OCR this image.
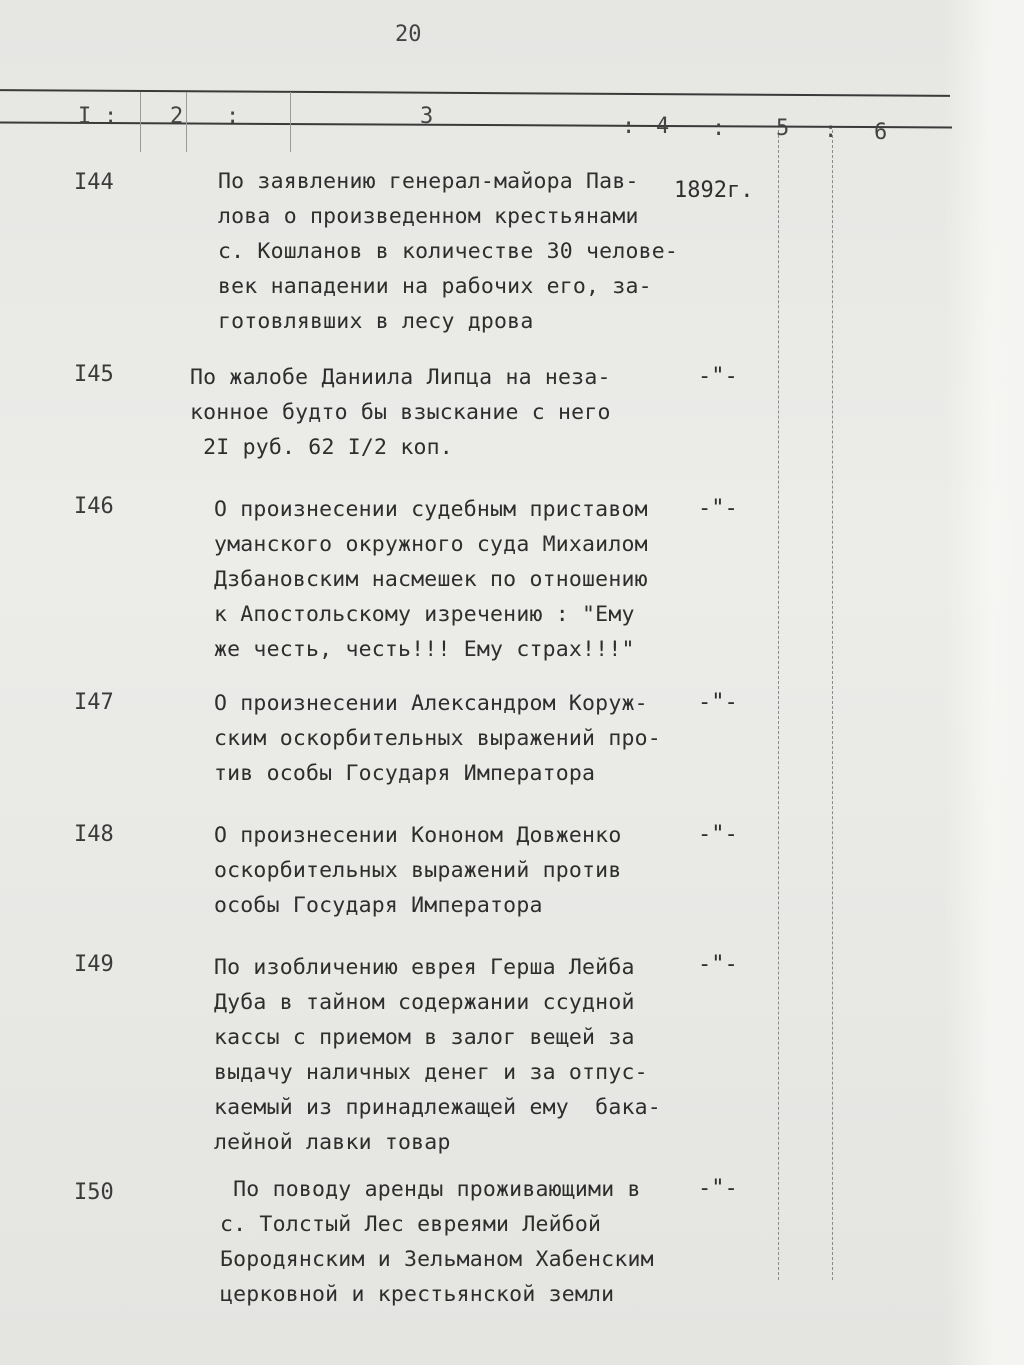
20
I : 2 :	3	: 4 : 5 : 6
I44	По заявлению генерал-майора Пав-
лова о произведенном крестьянами
с. Кошланов в количестве 30 челове-
век нападении на рабочих его, за-
готовлявших в лесу дрова
1892г.
I45	По жалобе Даниила Липца на неза-
конное будто бы взыскание с него
2I руб. 62 I/2 коп.
-"-
I46	О произнесении судебным приставом
уманского окружного суда Михаилом
Дзбановским насмешек по отношению
к Апостольскому изречению : "Ему
же честь, честь!!! Ему страх!!!"
-"-
I47	О произнесении Александром Коруж-
ским оскорбительных выражений про-
тив особы Государя Императора
-"-
I48	О произнесении Кононом Довженко
оскорбительных выражений против
особы Государя Императора
-"-
I49	По изобличению еврея Герша Лейба
Дуба в тайном содержании ссудной
кассы с приемом в залог вещей за
выдачу наличных денег и за отпус-
каемый из принадлежащей ему  бака-
лейной лавки товар
-"-
I50	По поводу аренды проживающими в
с. Толстый Лес евреями Лейбой
Бородянским и Зельманом Хабенским
церковной и крестьянской земли
-"-
